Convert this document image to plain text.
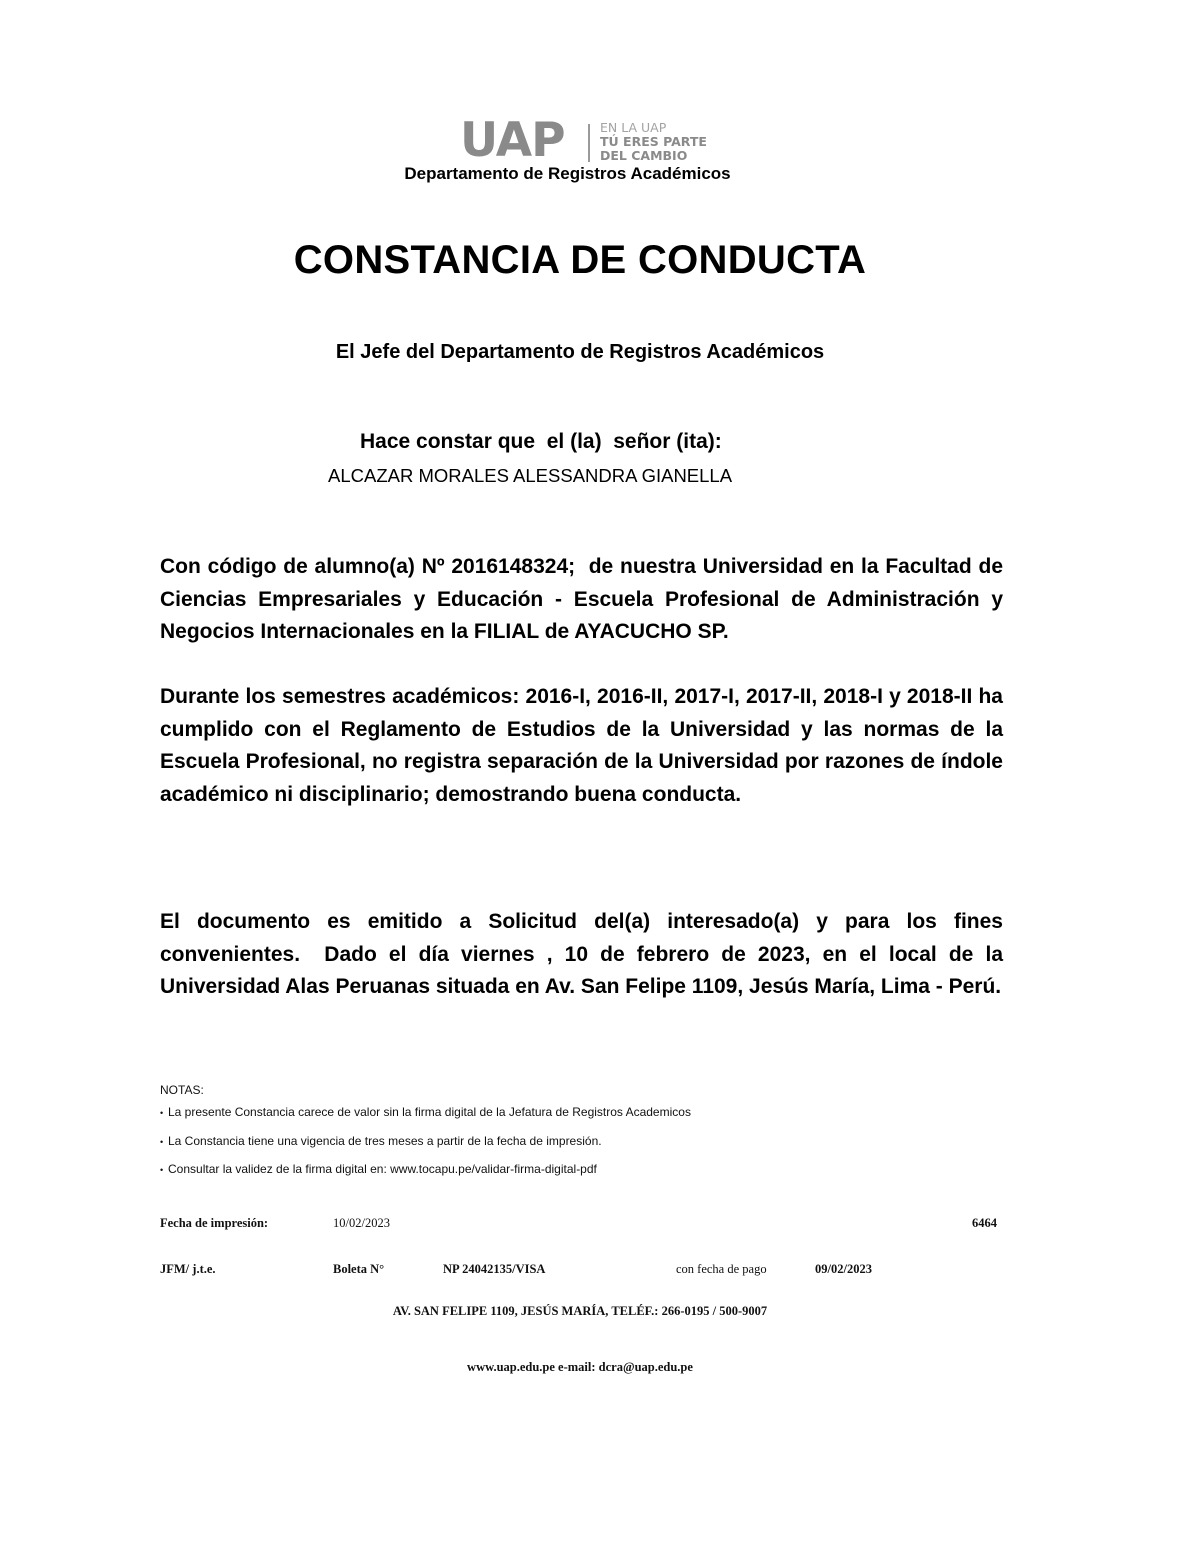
UAP	EN LA UAP
TÚ ERES PARTE
DEL CAMBIO
Departamento de Registros Académicos
CONSTANCIA DE CONDUCTA
El Jefe del Departamento de Registros Académicos
Hace constar que  el (la)  señor (ita):
ALCAZAR MORALES ALESSANDRA GIANELLA
Con código de alumno(a) Nº 2016148324;  de nuestra Universidad en la Facultad de Ciencias Empresariales y Educación - Escuela Profesional de Administración y Negocios Internacionales en la FILIAL de AYACUCHO SP.
Durante los semestres académicos: 2016-I, 2016-II, 2017-I, 2017-II, 2018-I y 2018-II ha cumplido con el Reglamento de Estudios de la Universidad y las normas de la Escuela Profesional, no registra separación de la Universidad por razones de índole académico ni disciplinario; demostrando buena conducta.
El documento es emitido a Solicitud del(a) interesado(a) y para los fines convenientes.  Dado el día viernes , 10 de febrero de 2023, en el local de la Universidad Alas Peruanas situada en Av. San Felipe 1109, Jesús María, Lima - Perú.
NOTAS:
• La presente Constancia carece de valor sin la firma digital de la Jefatura de Registros Academicos
• La Constancia tiene una vigencia de tres meses a partir de la fecha de impresión.
• Consultar la validez de la firma digital en: www.tocapu.pe/validar-firma-digital-pdf
Fecha de impresión:	10/02/2023	6464
JFM/ j.t.e.	Boleta N°	NP 24042135/VISA	con fecha de pago	09/02/2023
AV. SAN FELIPE 1109, JESÚS MARÍA, TELÉF.: 266-0195 / 500-9007
www.uap.edu.pe e-mail: dcra@uap.edu.pe
